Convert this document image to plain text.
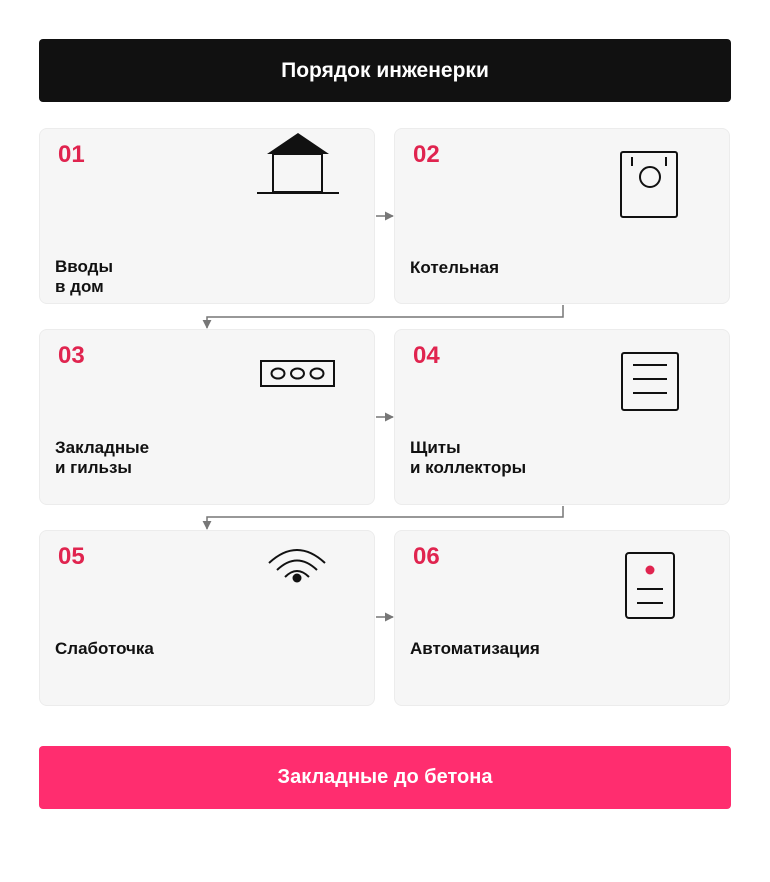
Порядок инженерки
01
Вводы
в дом
02
Котельная
03
Закладные
и гильзы
04
Щиты
и коллекторы
05
Слаботочка
06
Автоматизация
Закладные до бетона
